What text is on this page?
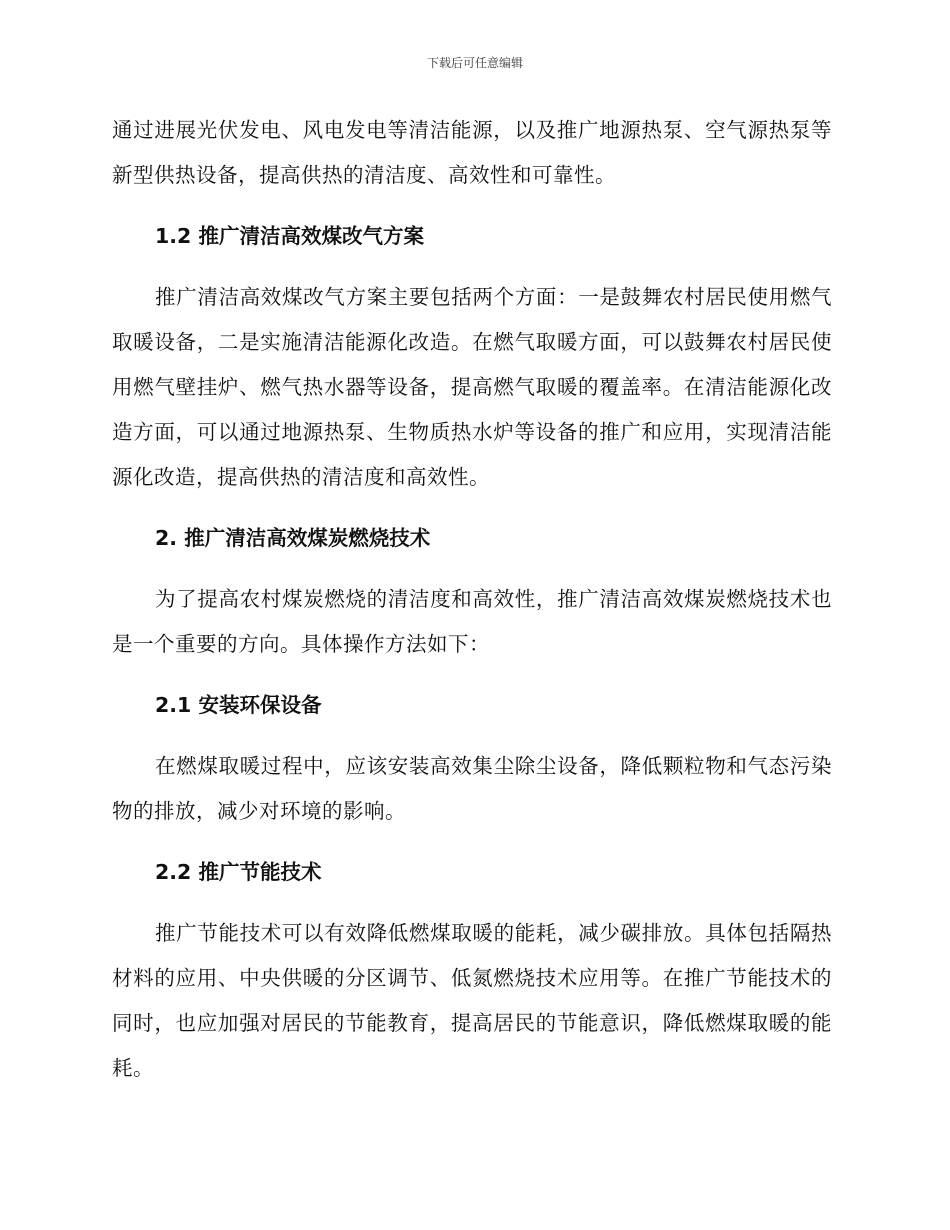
下载后可任意编辑

通过进展光伏发电、风电发电等清洁能源，以及推广地源热泵、空气源热泵等新型供热设备，提高供热的清洁度、高效性和可靠性。

1.2 推广清洁高效煤改气方案

推广清洁高效煤改气方案主要包括两个方面：一是鼓舞农村居民使用燃气取暖设备，二是实施清洁能源化改造。在燃气取暖方面，可以鼓舞农村居民使用燃气壁挂炉、燃气热水器等设备，提高燃气取暖的覆盖率。在清洁能源化改造方面，可以通过地源热泵、生物质热水炉等设备的推广和应用，实现清洁能源化改造，提高供热的清洁度和高效性。

2. 推广清洁高效煤炭燃烧技术

为了提高农村煤炭燃烧的清洁度和高效性，推广清洁高效煤炭燃烧技术也是一个重要的方向。具体操作方法如下：

2.1 安装环保设备

在燃煤取暖过程中，应该安装高效集尘除尘设备，降低颗粒物和气态污染物的排放，减少对环境的影响。

2.2 推广节能技术

推广节能技术可以有效降低燃煤取暖的能耗，减少碳排放。具体包括隔热材料的应用、中央供暖的分区调节、低氮燃烧技术应用等。在推广节能技术的同时，也应加强对居民的节能教育，提高居民的节能意识，降低燃煤取暖的能耗。
